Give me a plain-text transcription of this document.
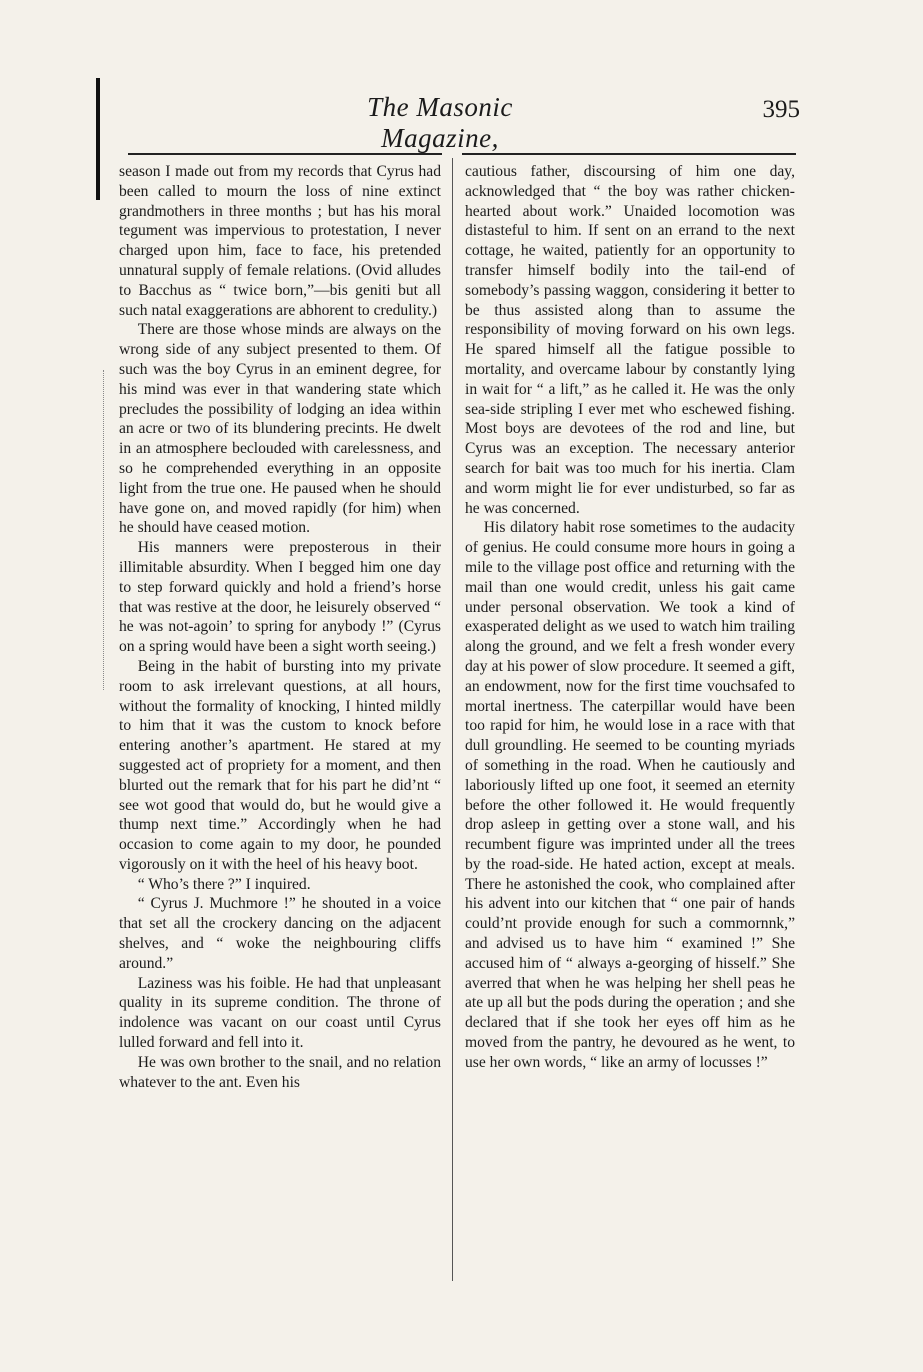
The Masonic Magazine,
395

season I made out from my records that Cyrus had been called to mourn the loss of nine extinct grandmothers in three months ; but has his moral tegument was impervious to protestation, I never charged upon him, face to face, his pretended unnatural supply of female relations. (Ovid alludes to Bacchus as “ twice born,”—bis geniti but all such natal exaggerations are abhorent to credulity.)

There are those whose minds are always on the wrong side of any subject presented to them. Of such was the boy Cyrus in an eminent degree, for his mind was ever in that wandering state which precludes the possibility of lodging an idea within an acre or two of its blundering precints. He dwelt in an atmosphere beclouded with carelessness, and so he comprehended everything in an opposite light from the true one. He paused when he should have gone on, and moved rapidly (for him) when he should have ceased motion.

His manners were preposterous in their illimitable absurdity. When I begged him one day to step forward quickly and hold a friend’s horse that was restive at the door, he leisurely observed “ he was not-agoin’ to spring for anybody !” (Cyrus on a spring would have been a sight worth seeing.)

Being in the habit of bursting into my private room to ask irrelevant questions, at all hours, without the formality of knocking, I hinted mildly to him that it was the custom to knock before entering another’s apartment. He stared at my suggested act of propriety for a moment, and then blurted out the remark that for his part he did’nt “ see wot good that would do, but he would give a thump next time.” Accordingly when he had occasion to come again to my door, he pounded vigorously on it with the heel of his heavy boot.

“ Who’s there ?” I inquired.

“ Cyrus J. Muchmore !” he shouted in a voice that set all the crockery dancing on the adjacent shelves, and “ woke the neighbouring cliffs around.”

Laziness was his foible. He had that unpleasant quality in its supreme condition. The throne of indolence was vacant on our coast until Cyrus lulled forward and fell into it.

He was own brother to the snail, and no relation whatever to the ant. Even his

cautious father, discoursing of him one day, acknowledged that “ the boy was rather chicken-hearted about work.” Unaided locomotion was distasteful to him. If sent on an errand to the next cottage, he waited, patiently for an opportunity to transfer himself bodily into the tail-end of somebody’s passing waggon, considering it better to be thus assisted along than to assume the responsibility of moving forward on his own legs. He spared himself all the fatigue possible to mortality, and overcame labour by constantly lying in wait for “ a lift,” as he called it. He was the only sea-side stripling I ever met who eschewed fishing. Most boys are devotees of the rod and line, but Cyrus was an exception. The necessary anterior search for bait was too much for his inertia. Clam and worm might lie for ever undisturbed, so far as he was concerned.

His dilatory habit rose sometimes to the audacity of genius. He could consume more hours in going a mile to the village post office and returning with the mail than one would credit, unless his gait came under personal observation. We took a kind of exasperated delight as we used to watch him trailing along the ground, and we felt a fresh wonder every day at his power of slow procedure. It seemed a gift, an endowment, now for the first time vouchsafed to mortal inertness. The caterpillar would have been too rapid for him, he would lose in a race with that dull groundling. He seemed to be counting myriads of something in the road. When he cautiously and laboriously lifted up one foot, it seemed an eternity before the other followed it. He would frequently drop asleep in getting over a stone wall, and his recumbent figure was imprinted under all the trees by the road-side. He hated action, except at meals. There he astonished the cook, who complained after his advent into our kitchen that “ one pair of hands could’nt provide enough for such a commornnk,” and advised us to have him “ examined !” She accused him of “ always a-georging of hisself.” She averred that when he was helping her shell peas he ate up all but the pods during the operation ; and she declared that if she took her eyes off him as he moved from the pantry, he devoured as he went, to use her own words, “ like an army of locusses !”
